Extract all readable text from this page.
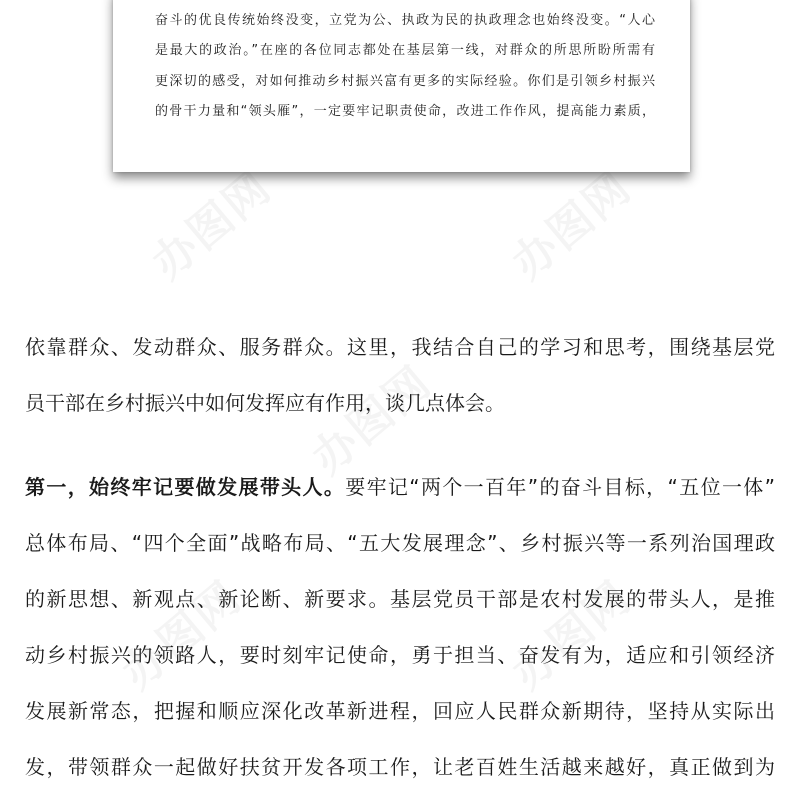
办图网	办图网
办图网
办图网	办图网
奋斗的优良传统始终没变，立党为公、执政为民的执政理念也始终没变。“人心
是最大的政治。”在座的各位同志都处在基层第一线，对群众的所思所盼所需有
更深切的感受，对如何推动乡村振兴富有更多的实际经验。你们是引领乡村振兴
的骨干力量和“领头雁”，一定要牢记职责使命，改进工作作风，提高能力素质，
依靠群众、发动群众、服务群众。这里，我结合自己的学习和思考，围绕基层党
员干部在乡村振兴中如何发挥应有作用，谈几点体会。
第一，始终牢记要做发展带头人。要牢记“两个一百年”的奋斗目标，“五位一体”
总体布局、“四个全面”战略布局、“五大发展理念”、乡村振兴等一系列治国理政
的新思想、新观点、新论断、新要求。基层党员干部是农村发展的带头人，是推
动乡村振兴的领路人，要时刻牢记使命，勇于担当、奋发有为，适应和引领经济
发展新常态，把握和顺应深化改革新进程，回应人民群众新期待，坚持从实际出
发，带领群众一起做好扶贫开发各项工作，让老百姓生活越来越好，真正做到为
